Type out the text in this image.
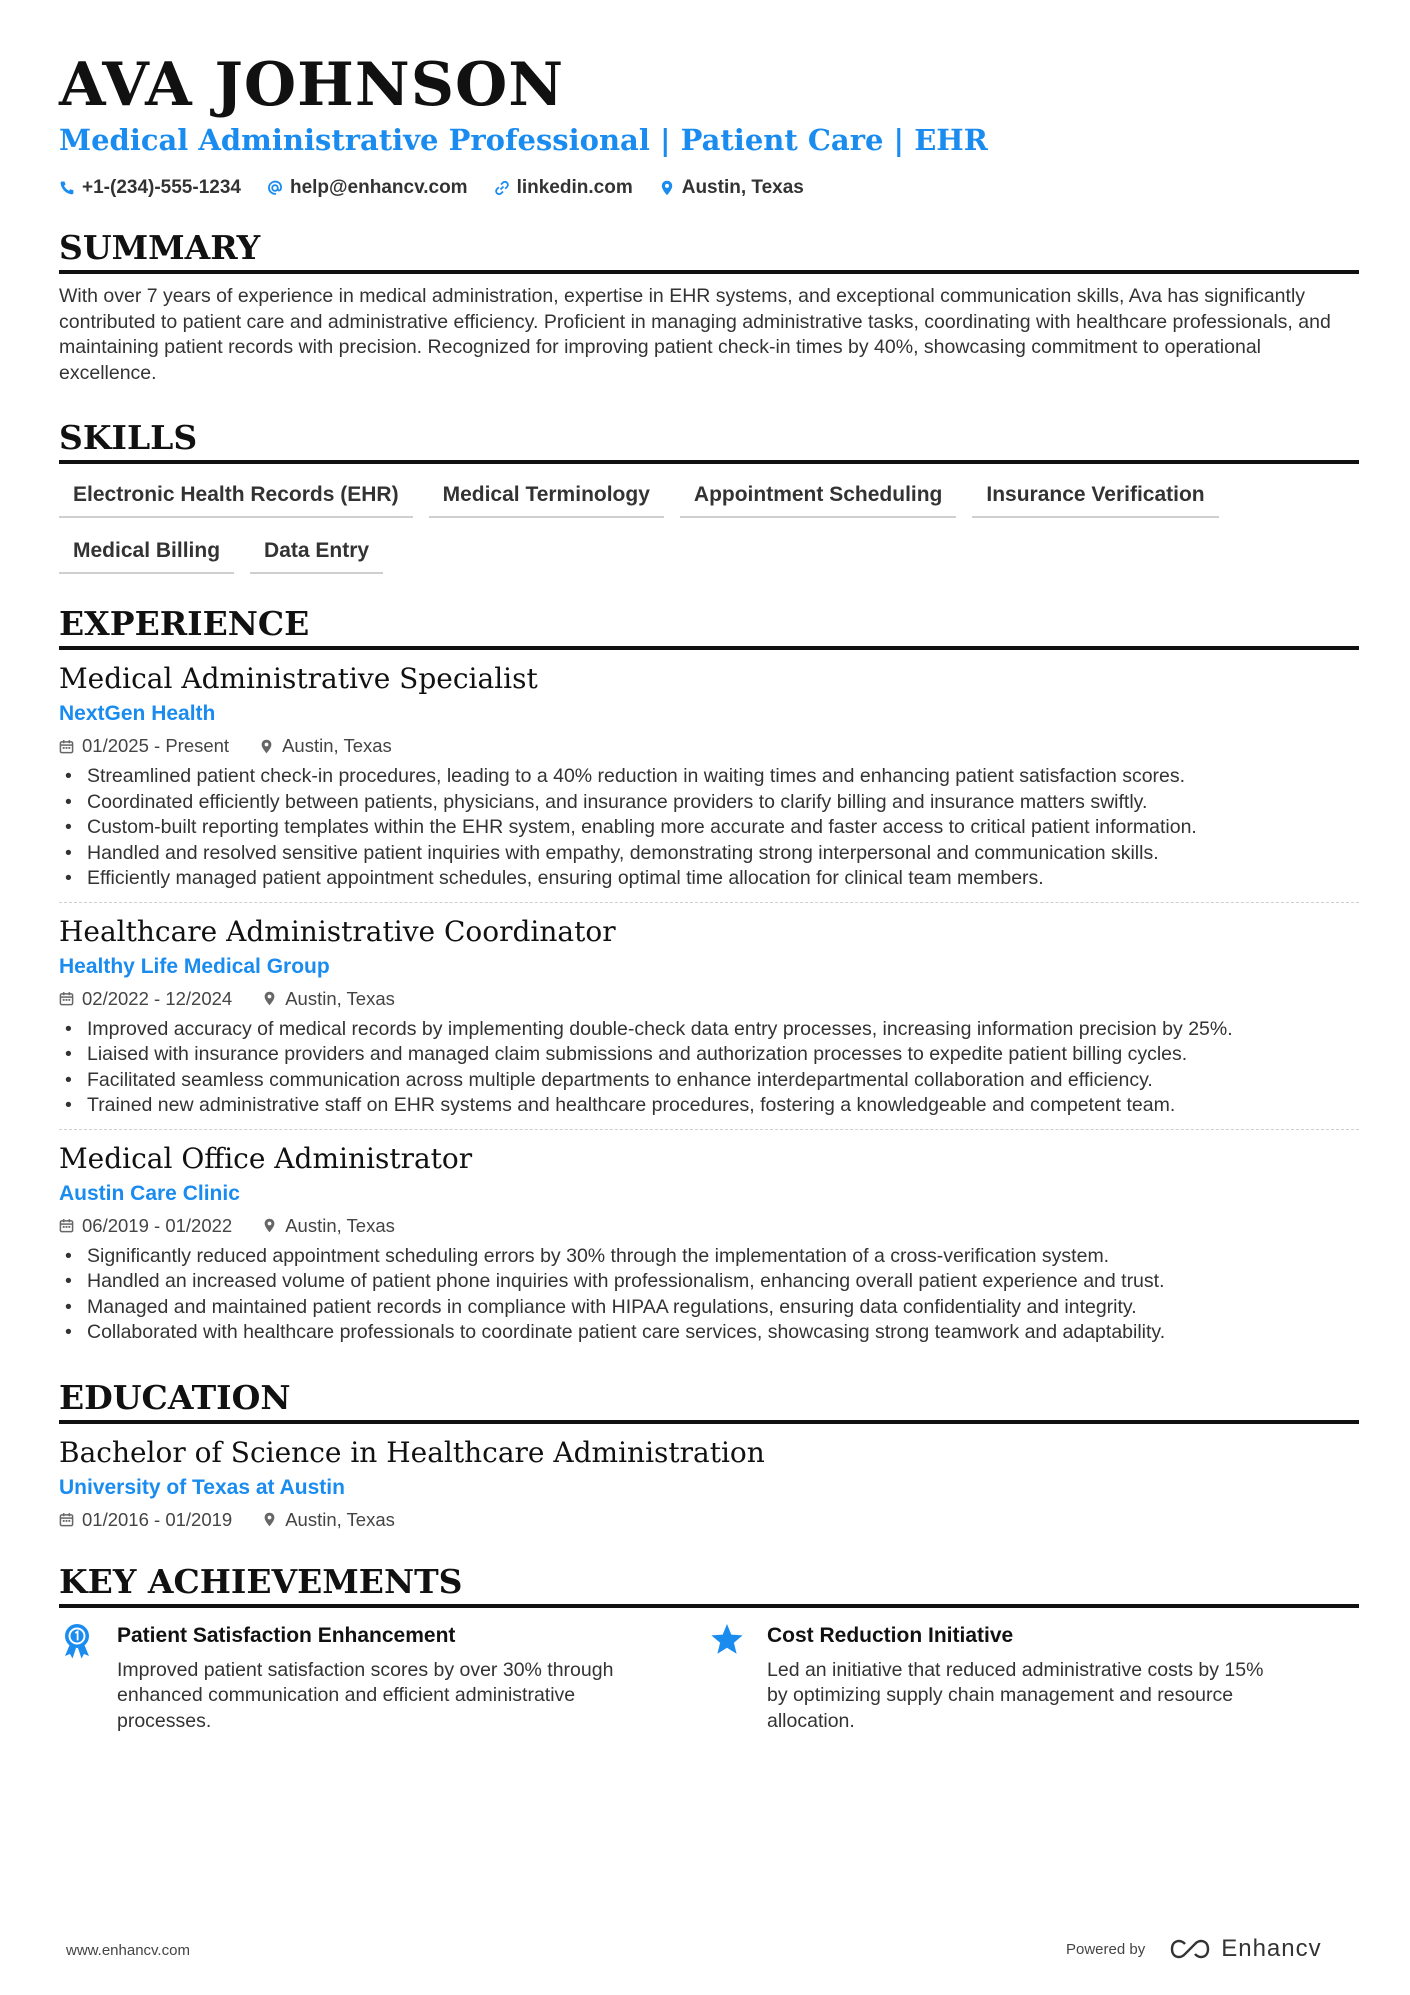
AVA JOHNSON
Medical Administrative Professional | Patient Care | EHR
+1-(234)-555-1234	help@enhancv.com	linkedin.com	Austin, Texas
SUMMARY
With over 7 years of experience in medical administration, expertise in EHR systems, and exceptional communication skills, Ava has significantly contributed to patient care and administrative efficiency. Proficient in managing administrative tasks, coordinating with healthcare professionals, and maintaining patient records with precision. Recognized for improving patient check-in times by 40%, showcasing commitment to operational excellence.
SKILLS
Electronic Health Records (EHR)	Medical Terminology	Appointment Scheduling	Insurance Verification
Medical Billing	Data Entry
EXPERIENCE
Medical Administrative Specialist
NextGen Health
01/2025 - Present	Austin, Texas
• Streamlined patient check-in procedures, leading to a 40% reduction in waiting times and enhancing patient satisfaction scores.
• Coordinated efficiently between patients, physicians, and insurance providers to clarify billing and insurance matters swiftly.
• Custom-built reporting templates within the EHR system, enabling more accurate and faster access to critical patient information.
• Handled and resolved sensitive patient inquiries with empathy, demonstrating strong interpersonal and communication skills.
• Efficiently managed patient appointment schedules, ensuring optimal time allocation for clinical team members.
Healthcare Administrative Coordinator
Healthy Life Medical Group
02/2022 - 12/2024	Austin, Texas
• Improved accuracy of medical records by implementing double-check data entry processes, increasing information precision by 25%.
• Liaised with insurance providers and managed claim submissions and authorization processes to expedite patient billing cycles.
• Facilitated seamless communication across multiple departments to enhance interdepartmental collaboration and efficiency.
• Trained new administrative staff on EHR systems and healthcare procedures, fostering a knowledgeable and competent team.
Medical Office Administrator
Austin Care Clinic
06/2019 - 01/2022	Austin, Texas
• Significantly reduced appointment scheduling errors by 30% through the implementation of a cross-verification system.
• Handled an increased volume of patient phone inquiries with professionalism, enhancing overall patient experience and trust.
• Managed and maintained patient records in compliance with HIPAA regulations, ensuring data confidentiality and integrity.
• Collaborated with healthcare professionals to coordinate patient care services, showcasing strong teamwork and adaptability.
EDUCATION
Bachelor of Science in Healthcare Administration
University of Texas at Austin
01/2016 - 01/2019	Austin, Texas
KEY ACHIEVEMENTS
Patient Satisfaction Enhancement
Improved patient satisfaction scores by over 30% through enhanced communication and efficient administrative processes.
Cost Reduction Initiative
Led an initiative that reduced administrative costs by 15% by optimizing supply chain management and resource allocation.
www.enhancv.com	Powered by	Enhancv
